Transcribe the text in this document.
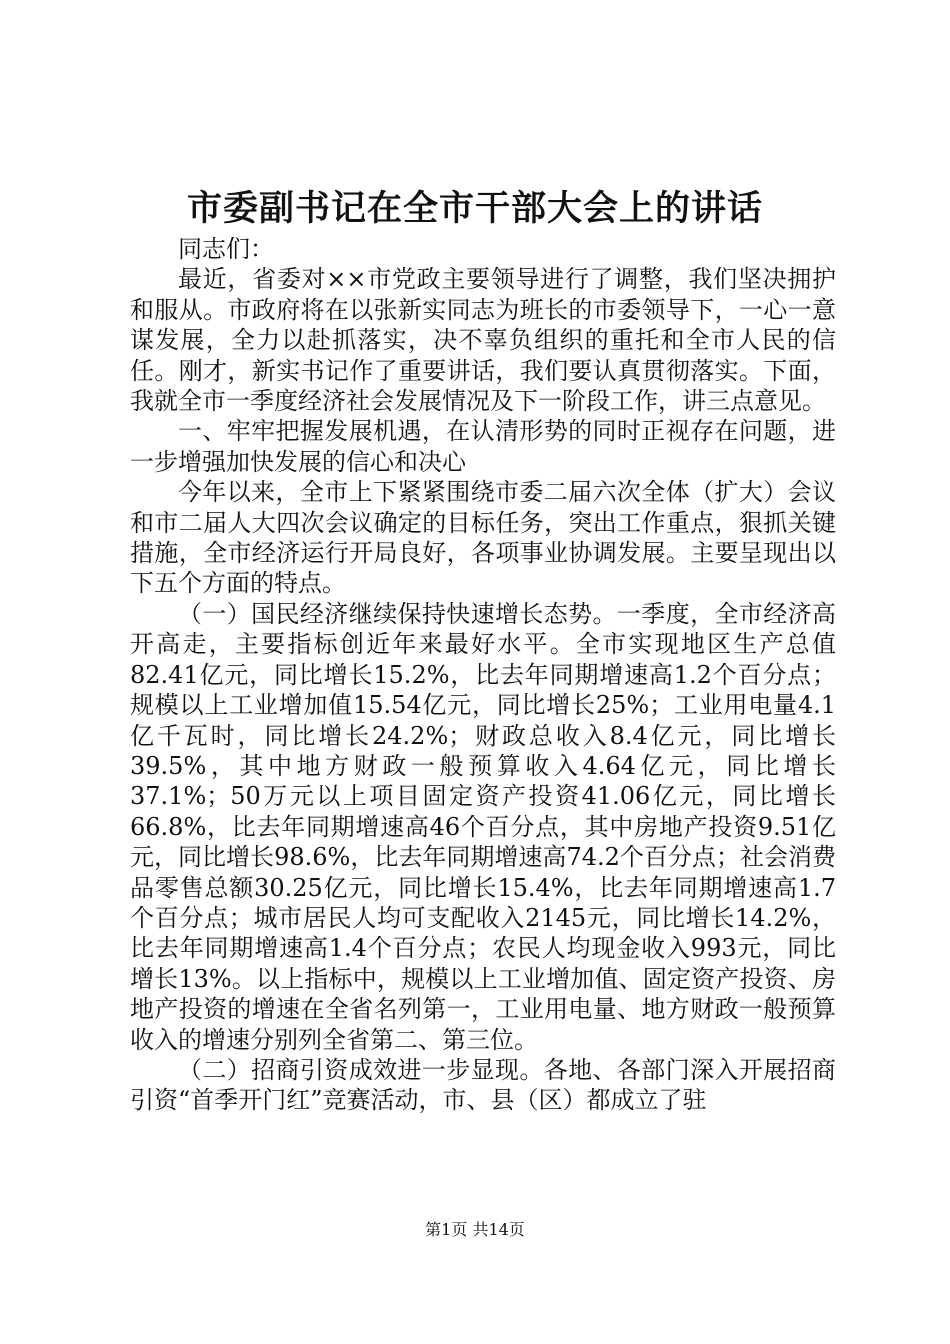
市委副书记在全市干部大会上的讲话

同志们：

最近，省委对××市党政主要领导进行了调整，我们坚决拥护和服从。市政府将在以张新实同志为班长的市委领导下，一心一意谋发展，全力以赴抓落实，决不辜负组织的重托和全市人民的信任。刚才，新实书记作了重要讲话，我们要认真贯彻落实。下面，我就全市一季度经济社会发展情况及下一阶段工作，讲三点意见。

一、牢牢把握发展机遇，在认清形势的同时正视存在问题，进一步增强加快发展的信心和决心

今年以来，全市上下紧紧围绕市委二届六次全体（扩大）会议和市二届人大四次会议确定的目标任务，突出工作重点，狠抓关键措施，全市经济运行开局良好，各项事业协调发展。主要呈现出以下五个方面的特点。

（一）国民经济继续保持快速增长态势。一季度，全市经济高开高走，主要指标创近年来最好水平。全市实现地区生产总值82.41亿元，同比增长15.2%，比去年同期增速高1.2个百分点；规模以上工业增加值15.54亿元，同比增长25%；工业用电量4.1亿千瓦时，同比增长24.2%；财政总收入8.4亿元，同比增长39.5%，其中地方财政一般预算收入4.64亿元，同比增长37.1%；50万元以上项目固定资产投资41.06亿元，同比增长66.8%，比去年同期增速高46个百分点，其中房地产投资9.51亿元，同比增长98.6%，比去年同期增速高74.2个百分点；社会消费品零售总额30.25亿元，同比增长15.4%，比去年同期增速高1.7个百分点；城市居民人均可支配收入2145元，同比增长14.2%，比去年同期增速高1.4个百分点；农民人均现金收入993元，同比增长13%。以上指标中，规模以上工业增加值、固定资产投资、房地产投资的增速在全省名列第一，工业用电量、地方财政一般预算收入的增速分别列全省第二、第三位。

（二）招商引资成效进一步显现。各地、各部门深入开展招商引资“首季开门红”竞赛活动，市、县（区）都成立了驻

第1页 共14页
